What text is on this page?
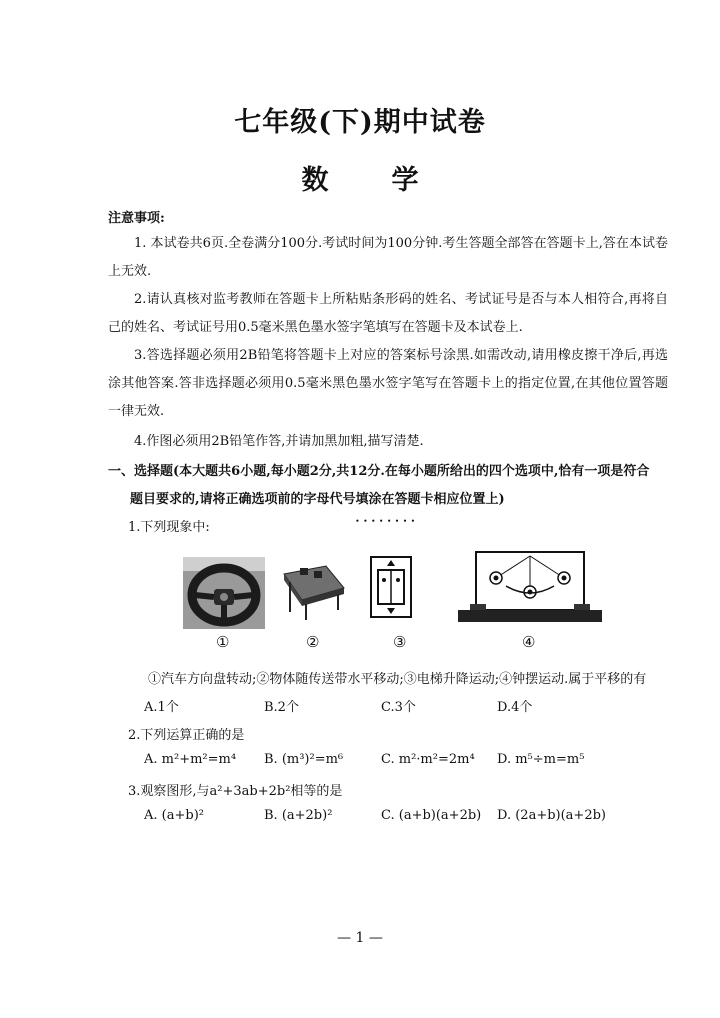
七年级(下)期中试卷
数　学
注意事项:
1. 本试卷共6页.全卷满分100分.考试时间为100分钟.考生答题全部答在答题卡上,答在本试卷上无效.
2.请认真核对监考教师在答题卡上所粘贴条形码的姓名、考试证号是否与本人相符合,再将自己的姓名、考试证号用0.5毫米黑色墨水签字笔填写在答题卡及本试卷上.
3.答选择题必须用2B铅笔将答题卡上对应的答案标号涂黑.如需改动,请用橡皮擦干净后,再选涂其他答案.答非选择题必须用0.5毫米黑色墨水签字笔写在答题卡上的指定位置,在其他位置答题一律无效.
4.作图必须用2B铅笔作答,并请加黑加粗,描写清楚.
一、选择题(本大题共6小题,每小题2分,共12分.在每小题所给出的四个选项中,恰有一项是符合
题目要求的,请将正确选项前的字母代号填涂在答题卡相应位置上 • • )
1.下列现象中:
①	②	③	④
①汽车方向盘转动;②物体随传送带水平移动;③电梯升降运动;④钟摆运动.属于平移的有
A.1个	B.2个	C.3个	D.4个
2.下列运算正确的是
A. m²+m²=m⁴ B. (m³)²=m⁶	C. m²·m²=2m⁴ D. m⁵÷m=m⁵
3.观察图形,与a²+3ab+2b²相等的是
A. (a+b)²	B. (a+2b)²	C. (a+b)(a+2b) D. (2a+b)(a+2b)
— 1 —
